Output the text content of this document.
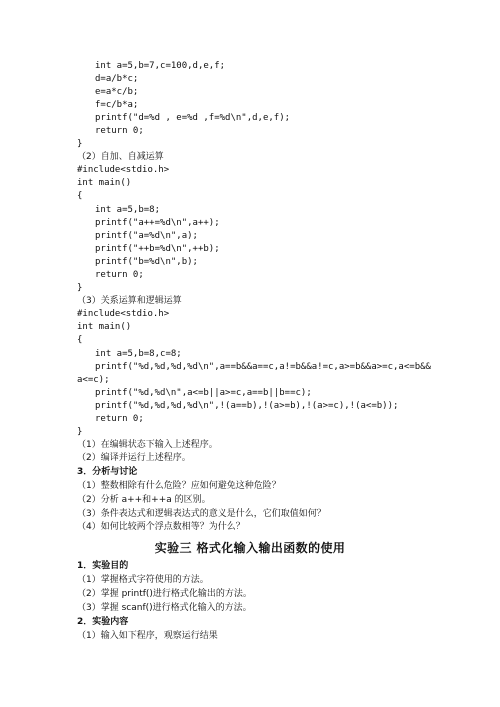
int a=5,b=7,c=100,d,e,f;
d=a/b*c;
e=a*c/b;
f=c/b*a;
printf("d=%d , e=%d ,f=%d\n",d,e,f);
return 0;
}
（2）自加、自减运算
#include<stdio.h>
int main()
{
int a=5,b=8;
printf("a++=%d\n",a++);
printf("a=%d\n",a);
printf("++b=%d\n",++b);
printf("b=%d\n",b);
return 0;
}
（3）关系运算和逻辑运算
#include<stdio.h>
int main()
{
int a=5,b=8,c=8;
printf("%d,%d,%d,%d\n",a==b&&a==c,a!=b&&a!=c,a>=b&&a>=c,a<=b&&
a<=c);
printf("%d,%d\n",a<=b||a>=c,a==b||b==c);
printf("%d,%d,%d,%d\n",!(a==b),!(a>=b),!(a>=c),!(a<=b));
return 0;
}
（1）在编辑状态下输入上述程序。
（2）编译并运行上述程序。
3．分析与讨论
（1）整数相除有什么危险？应如何避免这种危险？
（2）分析 a++和++a 的区别。
（3）条件表达式和逻辑表达式的意义是什么，它们取值如何？
（4）如何比较两个浮点数相等？为什么？
实验三 格式化输入输出函数的使用
1．实验目的
（1）掌握格式字符使用的方法。
（2）掌握 printf()进行格式化输出的方法。
（3）掌握 scanf()进行格式化输入的方法。
2．实验内容
（1）输入如下程序，观察运行结果
